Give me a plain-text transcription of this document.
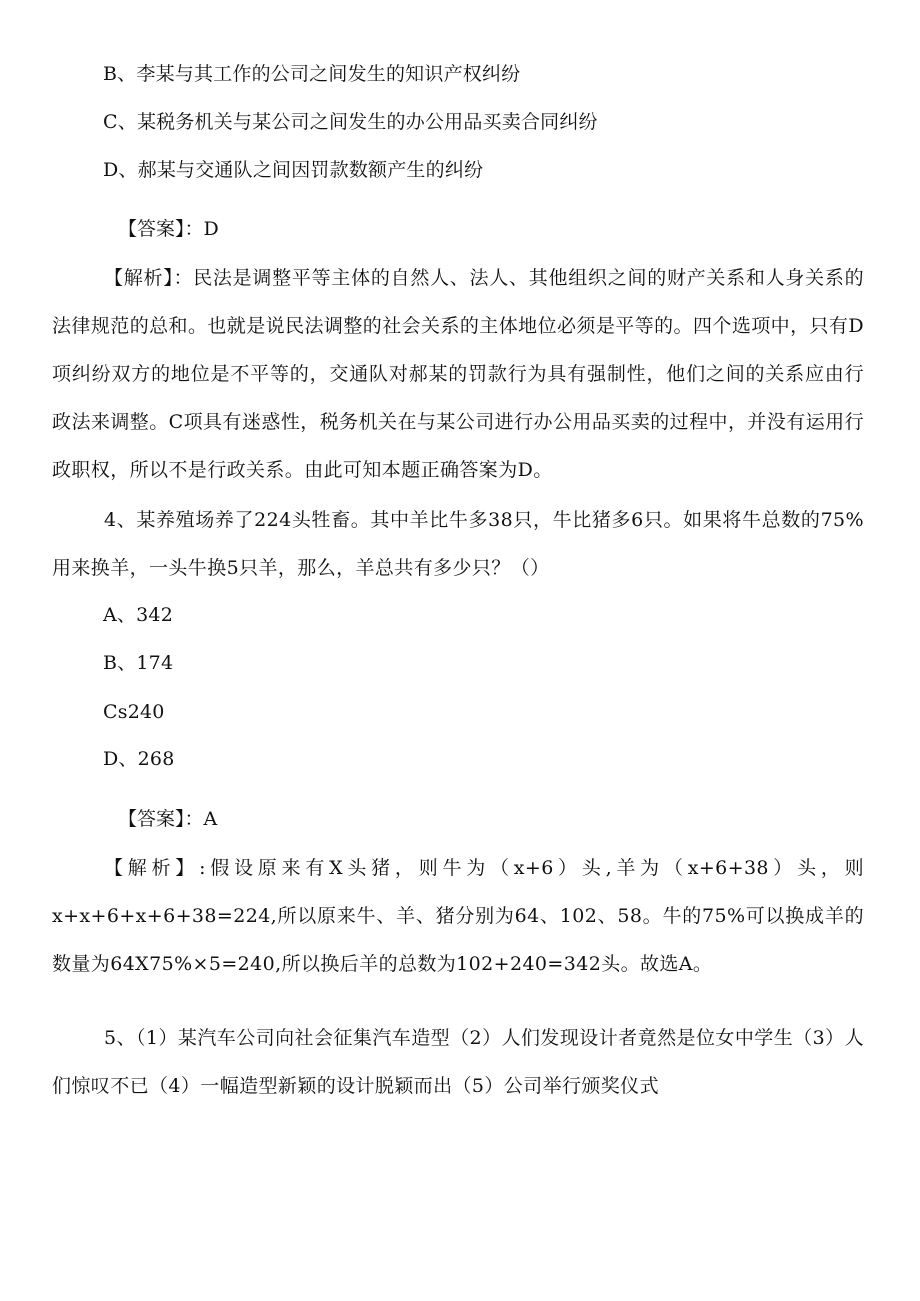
B、李某与其工作的公司之间发生的知识产权纠纷
C、某税务机关与某公司之间发生的办公用品买卖合同纠纷
D、郝某与交通队之间因罚款数额产生的纠纷
【答案】：D
【解析】：民法是调整平等主体的自然人、法人、其他组织之间的财产关系和人身关系的法律规范的总和。也就是说民法调整的社会关系的主体地位必须是平等的。四个选项中，只有D项纠纷双方的地位是不平等的，交通队对郝某的罚款行为具有强制性，他们之间的关系应由行政法来调整。C项具有迷惑性，税务机关在与某公司进行办公用品买卖的过程中，并没有运用行政职权，所以不是行政关系。由此可知本题正确答案为D。
4、某养殖场养了224头牲畜。其中羊比牛多38只，牛比猪多6只。如果将牛总数的75%用来换羊，一头牛换5只羊，那么，羊总共有多少只？（）
A、342
B、174
Cs240
D、268
【答案】：A
【解析】:假设原来有X头猪，则牛为（x+6）头,羊为（x+6+38）头，则x+x+6+x+6+38=224,所以原来牛、羊、猪分别为64、102、58。牛的75%可以换成羊的数量为64X75%×5=240,所以换后羊的总数为102+240=342头。故选A。
5、（1）某汽车公司向社会征集汽车造型（2）人们发现设计者竟然是位女中学生（3）人们惊叹不已（4）一幅造型新颖的设计脱颖而出（5）公司举行颁奖仪式
